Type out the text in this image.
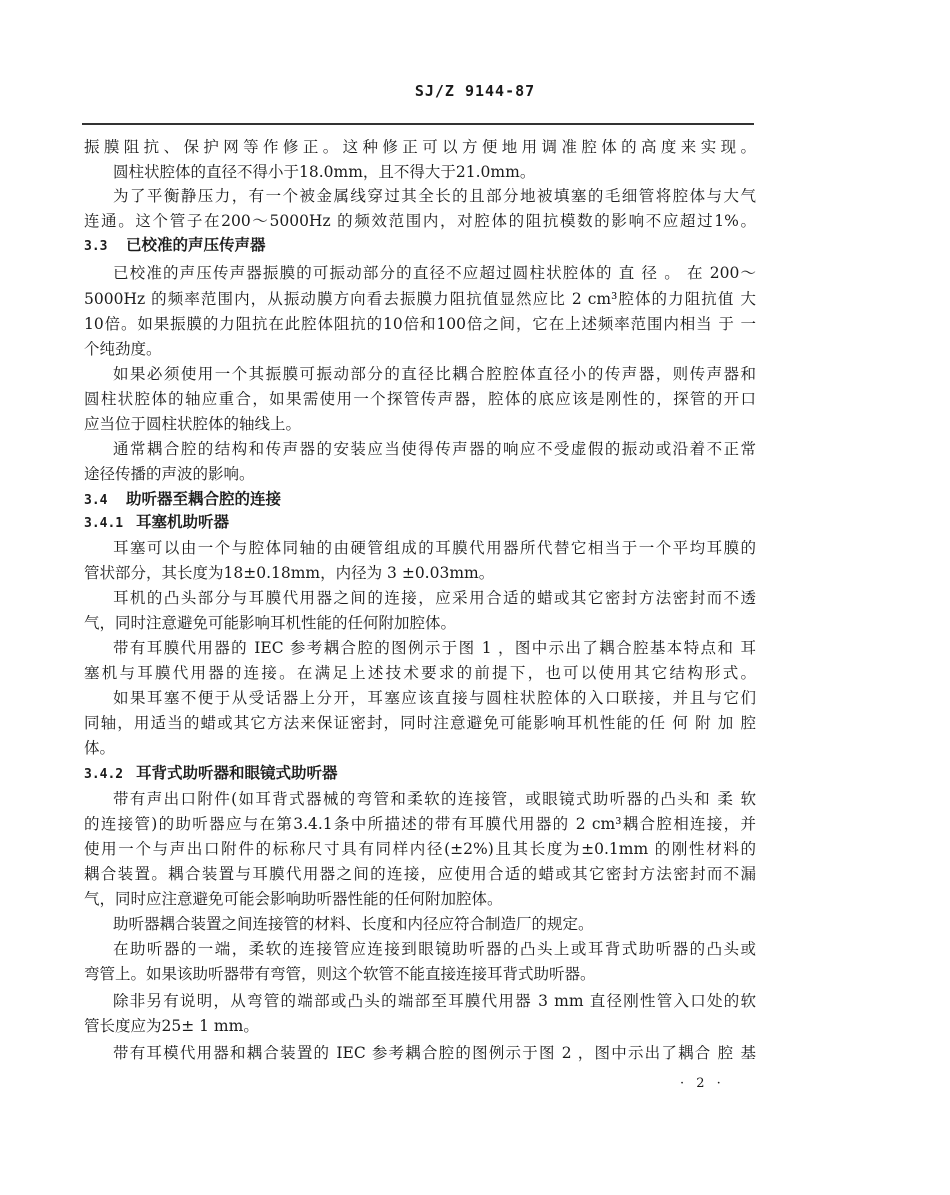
SJ/Z 9144-87
振膜阻抗、保护网等作修正。这种修正可以方便地用调准腔体的高度来实现。
圆柱状腔体的直径不得小于18.0mm，且不得大于21.0mm。
为了平衡静压力，有一个被金属线穿过其全长的且部分地被填塞的毛细管将腔体与大气
连通。这个管子在200～5000Hz 的频效范围内，对腔体的阻抗模数的影响不应超过1%。
3.3 已校准的声压传声器
已校准的声压传声器振膜的可振动部分的直径不应超过圆柱状腔体的 直 径 。 在 200～
5000Hz 的频率范围内，从振动膜方向看去振膜力阻抗值显然应比 2 cm³腔体的力阻抗值 大
10倍。如果振膜的力阻抗在此腔体阻抗的10倍和100倍之间，它在上述频率范围内相当 于 一
个纯劲度。
如果必须使用一个其振膜可振动部分的直径比耦合腔腔体直径小的传声器，则传声器和
圆柱状腔体的轴应重合，如果需使用一个探管传声器，腔体的底应该是刚性的，探管的开口
应当位于圆柱状腔体的轴线上。
通常耦合腔的结构和传声器的安装应当使得传声器的响应不受虚假的振动或沿着不正常
途径传播的声波的影响。
3.4 助听器至耦合腔的连接
3.4.1 耳塞机助听器
耳塞可以由一个与腔体同轴的由硬管组成的耳膜代用器所代替它相当于一个平均耳膜的
管状部分，其长度为18±0.18mm，内径为 3 ±0.03mm。
耳机的凸头部分与耳膜代用器之间的连接，应采用合适的蜡或其它密封方法密封而不透
气，同时注意避免可能影响耳机性能的任何附加腔体。
带有耳膜代用器的 IEC 参考耦合腔的图例示于图 1 ，图中示出了耦合腔基本特点和 耳
塞机与耳膜代用器的连接。在满足上述技术要求的前提下，也可以使用其它结构形式。
如果耳塞不便于从受话器上分开，耳塞应该直接与圆柱状腔体的入口联接，并且与它们
同轴，用适当的蜡或其它方法来保证密封，同时注意避免可能影响耳机性能的任 何 附 加 腔
体。
3.4.2 耳背式助听器和眼镜式助听器
带有声出口附件(如耳背式器械的弯管和柔软的连接管，或眼镜式助听器的凸头和 柔 软
的连接管)的助听器应与在第3.4.1条中所描述的带有耳膜代用器的 2 cm³耦合腔相连接，并
使用一个与声出口附件的标称尺寸具有同样内径(±2%)且其长度为±0.1mm 的刚性材料的
耦合装置。耦合装置与耳膜代用器之间的连接，应使用合适的蜡或其它密封方法密封而不漏
气，同时应注意避免可能会影响助听器性能的任何附加腔体。
助听器耦合装置之间连接管的材料、长度和内径应符合制造厂的规定。
在助听器的一端，柔软的连接管应连接到眼镜助听器的凸头上或耳背式助听器的凸头或
弯管上。如果该助听器带有弯管，则这个软管不能直接连接耳背式助听器。
除非另有说明，从弯管的端部或凸头的端部至耳膜代用器 3 mm 直径刚性管入口处的软
管长度应为25± 1 mm。
带有耳模代用器和耦合装置的 IEC 参考耦合腔的图例示于图 2 ，图中示出了耦合 腔 基
· 2 ·
